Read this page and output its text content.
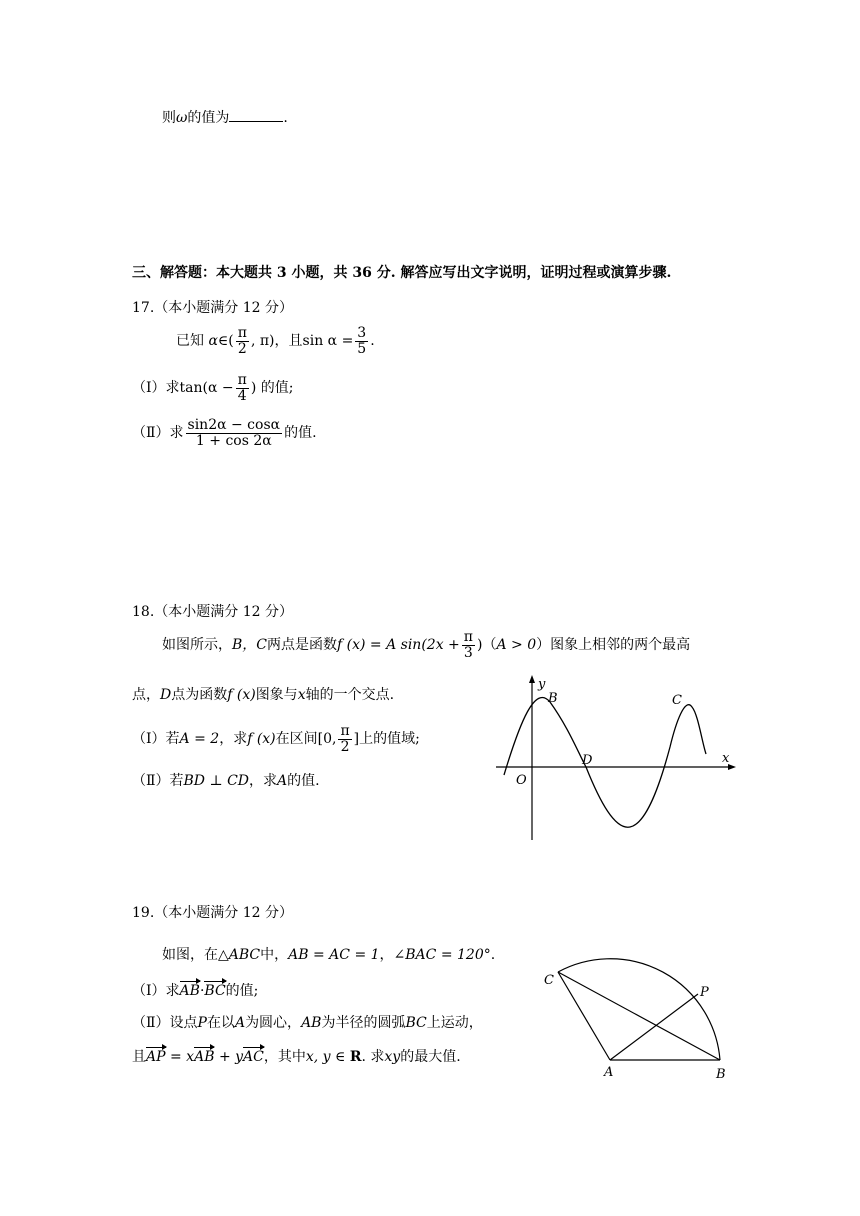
则ω的值为	.
三、解答题：本大题共 3 小题，共 36 分. 解答应写出文字说明，证明过程或演算步骤.
17.（本小题满分 12 分）
已知 α∈( $\frac{\pi}{2}$ , π)，且$\sin \alpha = \frac{3}{5}$ .
（Ⅰ）求$\tan(\alpha - \frac{\pi}{4}$ ) 的值;
（Ⅱ）求 $\frac{\sin 2\alpha - \cos\alpha}{1 + \cos 2\alpha}$ 的值.
18.（本小题满分 12 分）
如图所示，B，C两点是函数f (x) = A $\sin(2x + \frac{\pi}{3} )(A > 0)$图象上相邻的两个最高
点，D点为函数f (x)图象与x轴的一个交点.
（Ⅰ）若A = 2，求f (x)在区间[0, $\frac{\pi}{2}$ ]上的值域;
（Ⅱ）若BD ⊥ CD，求A的值.
y
x
B	C
D
O
19.（本小题满分 12 分）
如图，在△ABC中，AB = AC = 1，∠BAC = 120°.
（Ⅰ）求AB·BC的值;
（Ⅱ）设点P在以A为圆心，AB为半径的圆弧BC上运动，
且AP = xAB + yAC，其中x, y ∈ R. 求xy的最大值.
C
P
A	B
